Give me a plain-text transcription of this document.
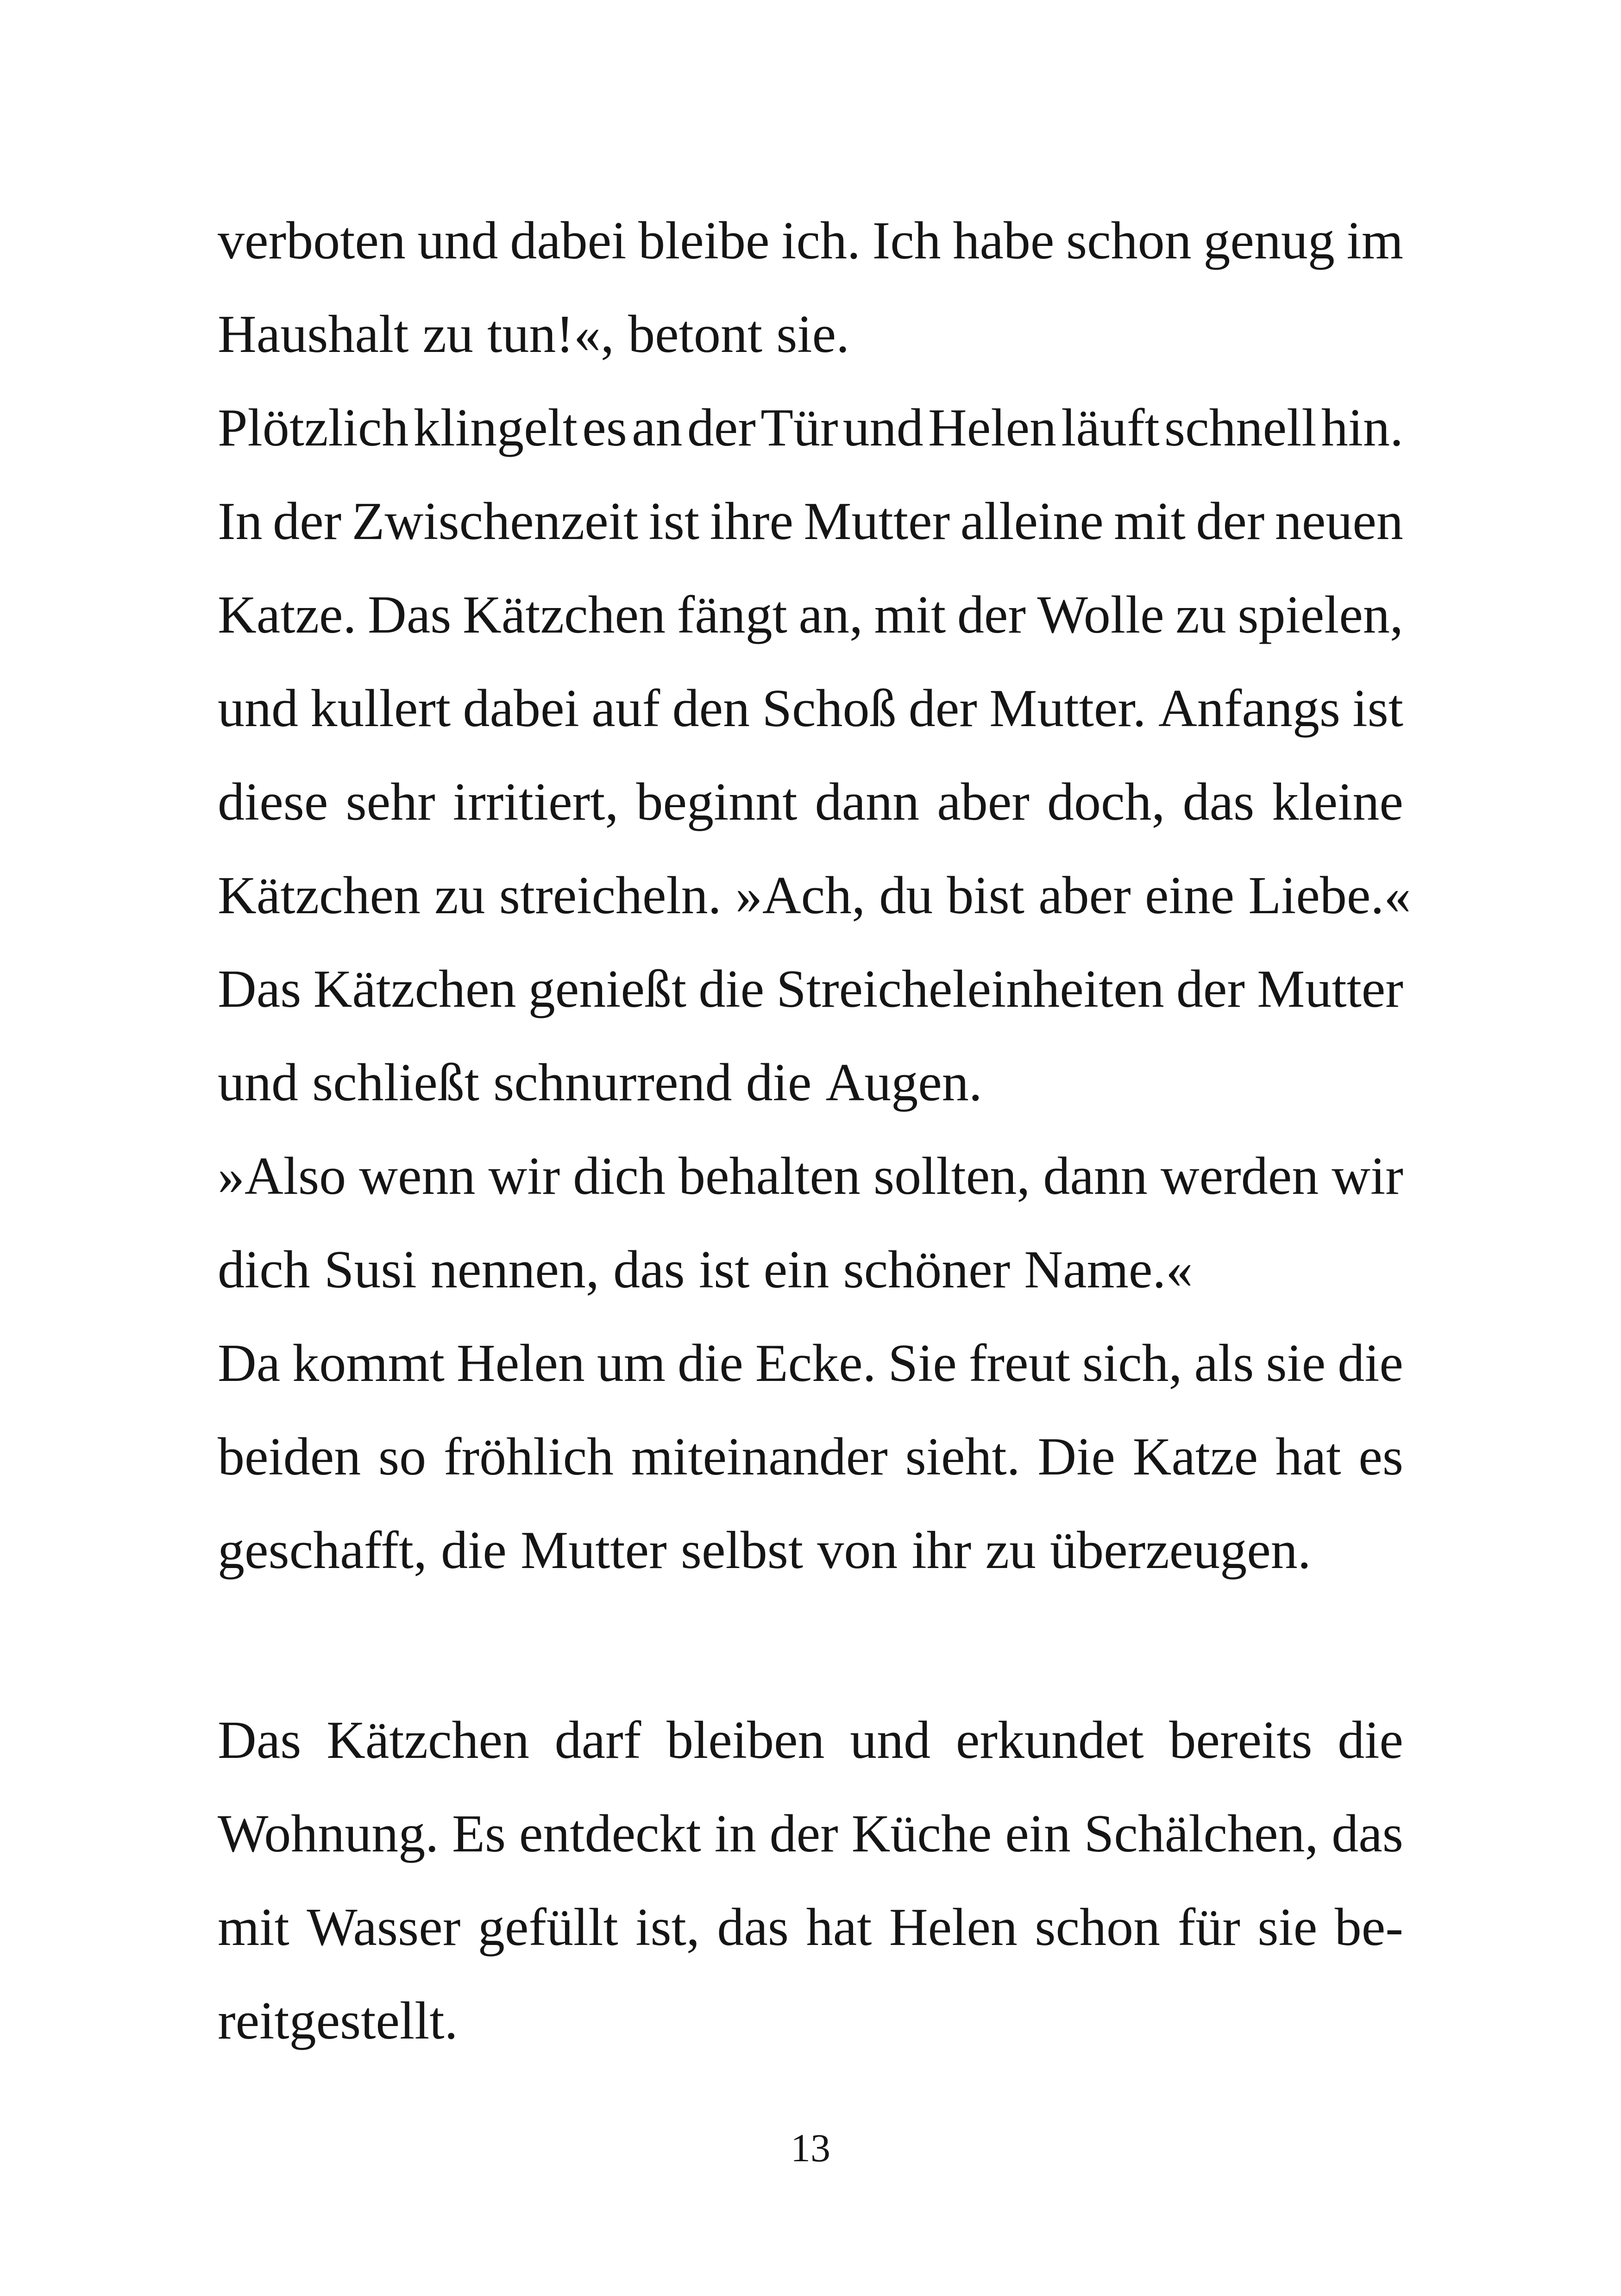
verboten und dabei bleibe ich. Ich habe schon genug im
Haushalt zu tun!«, betont sie.
Plötzlich klingelt es an der Tür und Helen läuft schnell hin.
In der Zwischenzeit ist ihre Mutter alleine mit der neuen
Katze. Das Kätzchen fängt an, mit der Wolle zu spielen,
und kullert dabei auf den Schoß der Mutter. Anfangs ist
diese sehr irritiert, beginnt dann aber doch, das kleine
Kätzchen zu streicheln. »Ach, du bist aber eine Liebe.«
Das Kätzchen genießt die Streicheleinheiten der Mutter
und schließt schnurrend die Augen.
»Also wenn wir dich behalten sollten, dann werden wir
dich Susi nennen, das ist ein schöner Name.«
Da kommt Helen um die Ecke. Sie freut sich, als sie die
beiden so fröhlich miteinander sieht. Die Katze hat es
geschafft, die Mutter selbst von ihr zu überzeugen.
Das Kätzchen darf bleiben und erkundet bereits die
Wohnung. Es entdeckt in der Küche ein Schälchen, das
mit Wasser gefüllt ist, das hat Helen schon für sie be-
reitgestellt.
13
